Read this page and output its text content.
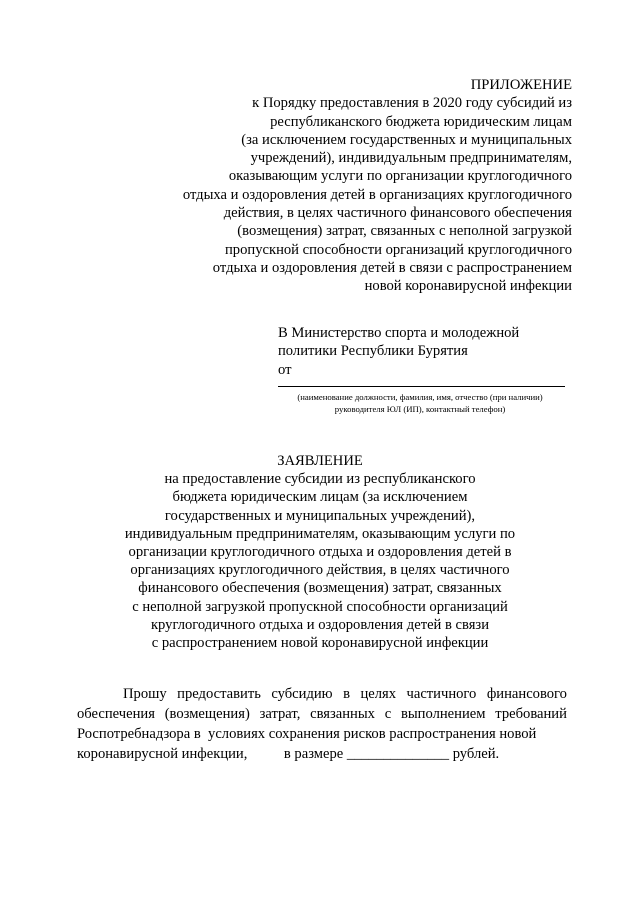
ПРИЛОЖЕНИЕ
к Порядку предоставления в 2020 году субсидий из
республиканского бюджета юридическим лицам
(за исключением государственных и муниципальных
учреждений), индивидуальным предпринимателям,
оказывающим услуги по организации круглогодичного
отдыха и оздоровления детей в организациях круглогодичного
действия, в целях частичного финансового обеспечения
(возмещения) затрат, связанных с неполной загрузкой
пропускной способности организаций круглогодичного
отдыха и оздоровления детей в связи с распространением
новой коронавирусной инфекции
В Министерство спорта и молодежной
политики Республики Бурятия
от
(наименование должности, фамилия, имя, отчество (при наличии)
руководителя ЮЛ (ИП), контактный телефон)
ЗАЯВЛЕНИЕ
на предоставление субсидии из республиканского
бюджета юридическим лицам (за исключением
государственных и муниципальных учреждений),
индивидуальным предпринимателям, оказывающим услуги по
организации круглогодичного отдыха и оздоровления детей в
организациях круглогодичного действия, в целях частичного
финансового обеспечения (возмещения) затрат, связанных
с неполной загрузкой пропускной способности организаций
круглогодичного отдыха и оздоровления детей в связи
с распространением новой коронавирусной инфекции
Прошу предоставить субсидию в целях частичного финансового
обеспечения (возмещения) затрат, связанных с выполнением требований
Роспотребнадзора в  условиях сохранения рисков распространения новой
коронавирусной инфекции,          в размере ______________ рублей.
